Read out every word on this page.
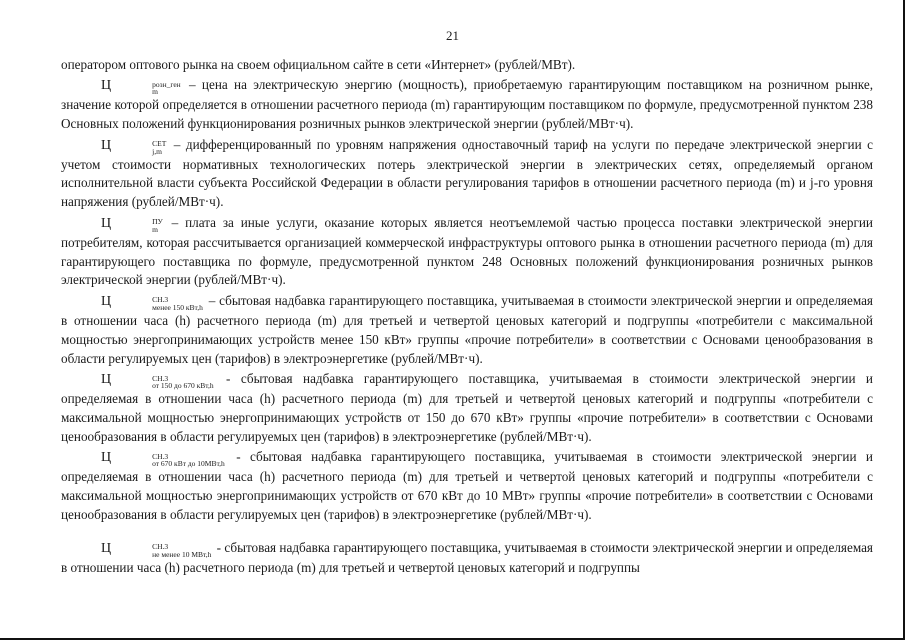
21

оператором оптового рынка на своем официальном сайте в сети «Интернет» (рублей/МВт).

Ц	розн_ген
m	– цена на электрическую энергию (мощность), приобретаемую гарантирующим поставщиком на розничном рынке, значение которой определяется в отношении расчетного периода (m) гарантирующим поставщиком по формуле, предусмотренной пунктом 238 Основных положений функционирования розничных рынков электрической энергии (рублей/МВт·ч).

Ц	СЕТ
j,m – дифференцированный по уровням напряжения одноставочный тариф на услуги по передаче электрической энергии с учетом стоимости нормативных технологических потерь электрической энергии в электрических сетях, определяемый органом исполнительной власти субъекта Российской Федерации в области регулирования тарифов в отношении расчетного периода (m) и j-го уровня напряжения (рублей/МВт·ч).

Ц	ПУ
m – плата за иные услуги, оказание которых является неотъемлемой частью процесса поставки электрической энергии потребителям, которая рассчитывается организацией коммерческой инфраструктуры оптового рынка в отношении расчетного периода (m) для гарантирующего поставщика по формуле, предусмотренной пунктом 248 Основных положений функционирования розничных рынков электрической энергии (рублей/МВт·ч).

Ц	СН.3
менее 150 кВт,h – сбытовая надбавка гарантирующего поставщика, учитываемая в стоимости электрической энергии и определяемая в отношении часа (h) расчетного периода (m) для третьей и четвертой ценовых категорий и подгруппы «потребители с максимальной мощностью энергопринимающих устройств менее 150 кВт» группы «прочие потребители» в соответствии с Основами ценообразования в области регулируемых цен (тарифов) в электроэнергетике (рублей/МВт·ч).

Ц	СН.3
от 150 до 670 кВт,h - сбытовая надбавка гарантирующего поставщика, учитываемая в стоимости электрической энергии и определяемая в отношении часа (h) расчетного периода (m) для третьей и четвертой ценовых категорий и подгруппы «потребители с максимальной мощностью энергопринимающих устройств от 150 до 670 кВт» группы «прочие потребители» в соответствии с Основами ценообразования в области регулируемых цен (тарифов) в электроэнергетике (рублей/МВт·ч).

Ц	СН.3
от 670 кВт до 10МВт,h - сбытовая надбавка гарантирующего поставщика, учитываемая в стоимости электрической энергии и определяемая в отношении часа (h) расчетного периода (m) для третьей и четвертой ценовых категорий и подгруппы «потребители с максимальной мощностью энергопринимающих устройств от 670 кВт до 10 МВт» группы «прочие потребители» в соответствии с Основами ценообразования в области регулируемых цен (тарифов) в электроэнергетике (рублей/МВт·ч).

Ц	СН.3
не менее 10 МВт,h - сбытовая надбавка гарантирующего поставщика, учитываемая в стоимости электрической энергии и определяемая в отношении часа (h) расчетного периода (m) для третьей и четвертой ценовых категорий и подгруппы
